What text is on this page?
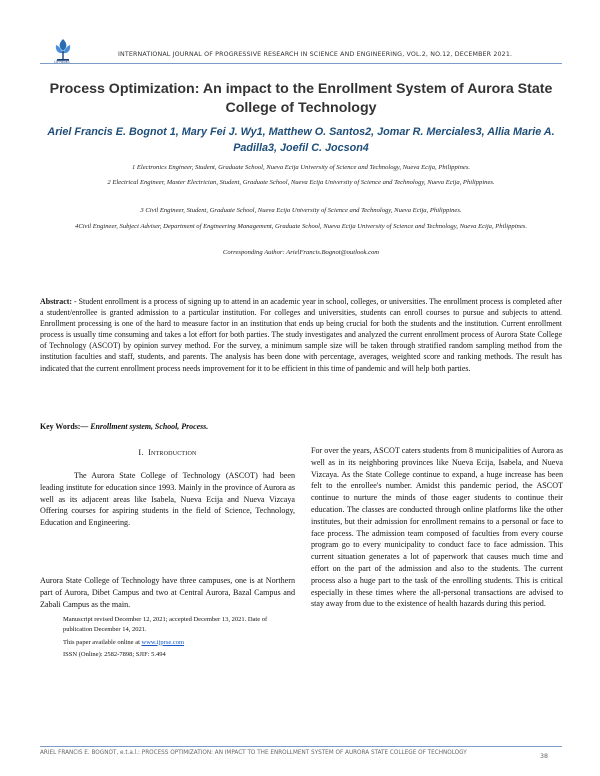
IJPREMS
INTERNATIONAL JOURNAL OF PROGRESSIVE RESEARCH IN SCIENCE AND ENGINEERING, VOL.2, NO.12, DECEMBER 2021.
Process Optimization: An impact to the Enrollment System of Aurora State College of Technology
Ariel Francis E. Bognot 1, Mary Fei J. Wy1, Matthew O. Santos2, Jomar R. Merciales3, Allia Marie A. Padilla3, Joefil C. Jocson4
1 Electronics Engineer, Student, Graduate School, Nueva Ecija University of Science and Technology, Nueva Ecija, Philippines.
2 Electrical Engineer, Master Electrician, Student, Graduate School, Nueva Ecija University of Science and Technology, Nueva Ecija, Philippines.
3 Civil Engineer, Student, Graduate School, Nueva Ecija University of Science and Technology, Nueva Ecija, Philippines.
4Civil Engineer, Subject Adviser, Department of Engineering Management, Graduate School, Nueva Ecija University of Science and Technology, Nueva Ecija, Philippines.
Corresponding Author: ArielFrancis.Bognot@outlook.com
Abstract: - Student enrollment is a process of signing up to attend in an academic year in school, colleges, or universities. The enrollment process is completed after a student/enrollee is granted admission to a particular institution. For colleges and universities, students can enroll courses to pursue and subjects to attend. Enrollment processing is one of the hard to measure factor in an institution that ends up being crucial for both the students and the institution. Current enrollment process is usually time consuming and takes a lot effort for both parties. The study investigates and analyzed the current enrollment process of Aurora State College of Technology (ASCOT) by opinion survey method. For the survey, a minimum sample size will be taken through stratified random sampling method from the institution faculties and staff, students, and parents. The analysis has been done with percentage, averages, weighted score and ranking methods. The result has indicated that the current enrollment process needs improvement for it to be efficient in this time of pandemic and will help both parties.
Key Words:— Enrollment system, School, Process.
I. Introduction
The Aurora State College of Technology (ASCOT) had been leading institute for education since 1993. Mainly in the province of Aurora as well as its adjacent areas like Isabela, Nueva Ecija and Nueva Vizcaya Offering courses for aspiring students in the field of Science, Technology, Education and Engineering.
Aurora State College of Technology have three campuses, one is at Northern part of Aurora, Dibet Campus and two at Central Aurora, Bazal Campus and Zabali Campus as the main.

Manuscript revised December 12, 2021; accepted December 13, 2021. Date of publication December 14, 2021.

This paper available online at www.ijprse.com

ISSN (Online): 2582-7898; SJIF: 5.494

For over the years, ASCOT caters students from 8 municipalities of Aurora as well as in its neighboring provinces like Nueva Ecija, Isabela, and Nueva Vizcaya. As the State College continue to expand, a huge increase has been felt to the enrollee's number. Amidst this pandemic period, the ASCOT continue to nurture the minds of those eager students to continue their education. The classes are conducted through online platforms like the other institutes, but their admission for enrollment remains to a personal or face to face process. The admission team composed of faculties from every course program go to every municipality to conduct face to face admission. This current situation generates a lot of paperwork that causes much time and effort on the part of the admission and also to the students. The current process also a huge part to the task of the enrolling students. This is critical especially in these times where the all-personal transactions are advised to stay away from due to the existence of health hazards during this period.
ARIEL FRANCIS E. BOGNOT, e.t.a.l.: PROCESS OPTIMIZATION: AN IMPACT TO THE ENROLLMENT SYSTEM OF AURORA STATE COLLEGE OF TECHNOLOGY	38
